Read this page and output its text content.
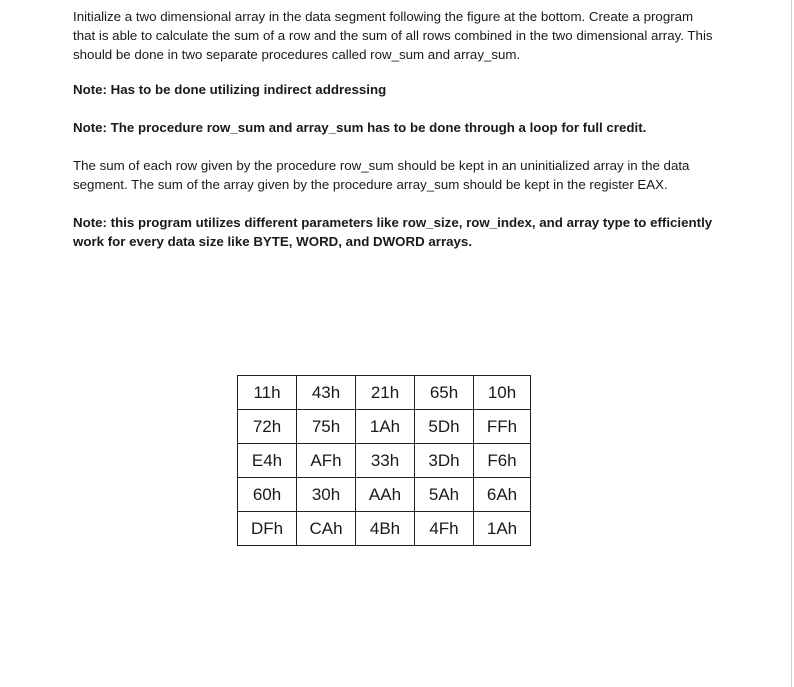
Initialize a two dimensional array in the data segment following the figure at the bottom. Create a program that is able to calculate the sum of a row and the sum of all rows combined in the two dimensional array. This should be done in two separate procedures called row_sum and array_sum.

Note: Has to be done utilizing indirect addressing

Note: The procedure row_sum and array_sum has to be done through a loop for full credit.

The sum of each row given by the procedure row_sum should be kept in an uninitialized array in the data segment. The sum of the array given by the procedure array_sum should be kept in the register EAX.

Note: this program utilizes different parameters like row_size, row_index, and array type to efficiently work for every data size like BYTE, WORD, and DWORD arrays.

11h	43h	21h	65h	10h
72h	75h	1Ah	5Dh	FFh
E4h	AFh	33h	3Dh	F6h
60h	30h	AAh	5Ah	6Ah
DFh	CAh	4Bh	4Fh	1Ah
